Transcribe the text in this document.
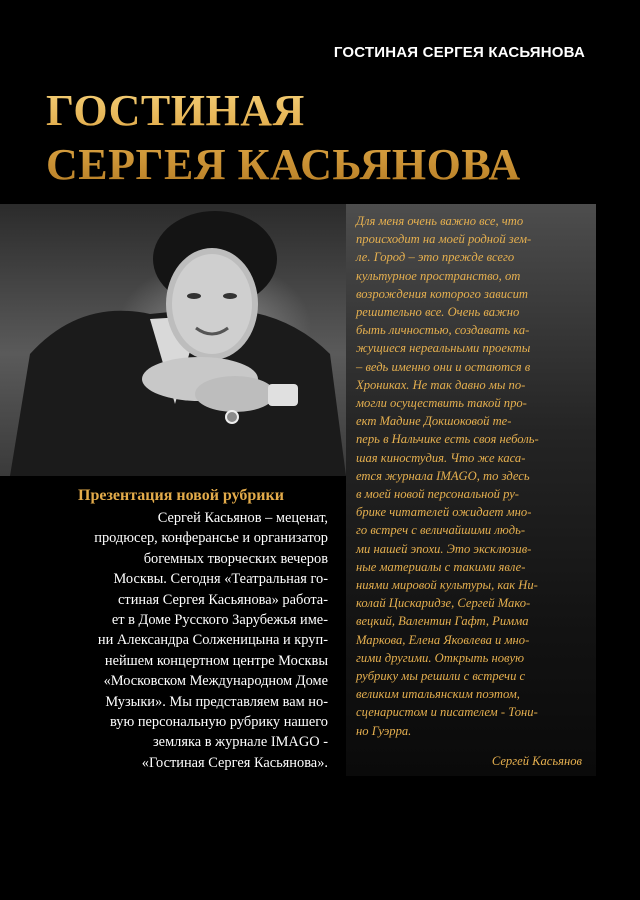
ГОСТИНАЯ СЕРГЕЯ КАСЬЯНОВА
ГОСТИНАЯ
СЕРГЕЯ КАСЬЯНОВА

Для меня очень важно все, что
происходит на моей родной зем-
ле. Город – это прежде всего
культурное пространство, от
возрождения которого зависит
решительно все. Очень важно
быть личностью, создавать ка-
жущиеся нереальными проекты
– ведь именно они и остаются в
Хрониках. Не так давно мы по-
могли осуществить такой про-
ект Мадине Докшоковой те-
перь в Нальчике есть своя неболь-
шая киностудия. Что же каса-
ется журнала IMAGO, то здесь
в моей новой персональной ру-
брике читателей ожидает мно-
го встреч с величайшими людь-
ми нашей эпохи. Это эксклюзив-
ные материалы с такими явле-
ниями мировой культуры, как Ни-
колай Цискаридзе, Сергей Мако-
вецкий, Валентин Гафт, Римма
Маркова, Елена Яковлева и мно-
гими другими. Открыть новую
рубрику мы решили с встречи с
великим итальянским поэтом,
сценаристом и писателем - Тони-
но Гуэрра.

Сергей Касьянов
Презентация новой рубрики

Сергей Касьянов – меценат,
продюсер, конферансье и организатор
богемных творческих вечеров
Москвы. Сегодня «Театральная го-
стиная Сергея Касьянова» работа-
ет в Доме Русского Зарубежья име-
ни Александра Солженицына и круп-
нейшем концертном центре Москвы
«Московском Международном Доме
Музыки». Мы представляем вам но-
вую персональную рубрику нашего
земляка в журнале IMAGO -
«Гостиная Сергея Касьянова».
